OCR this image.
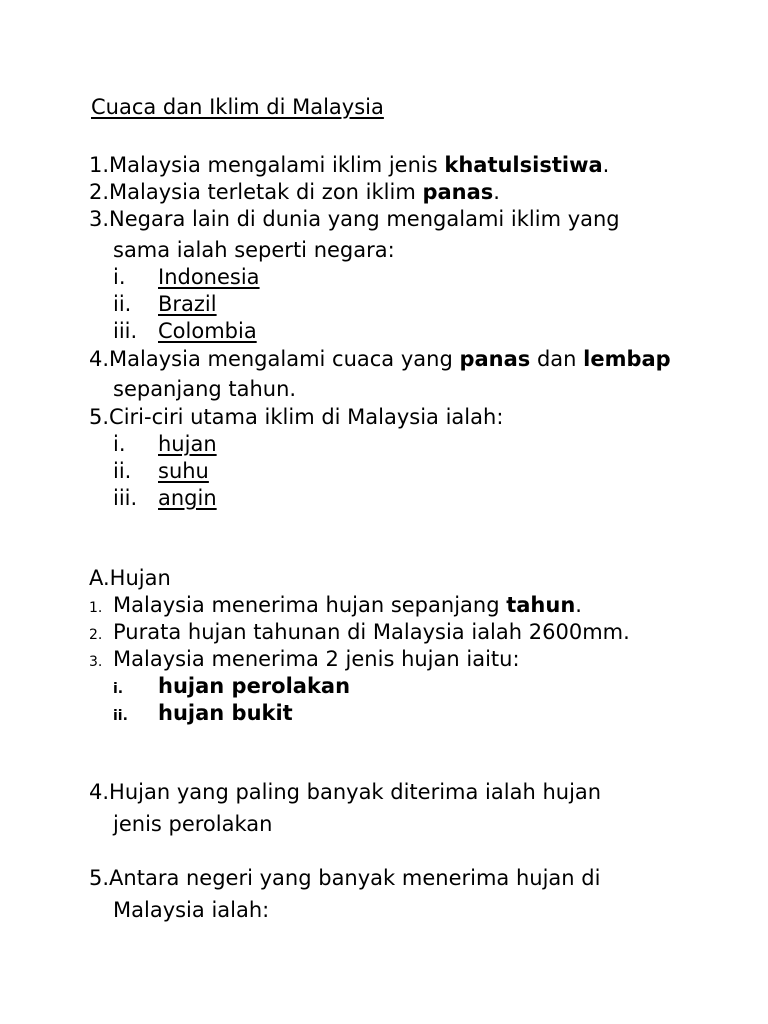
Cuaca dan Iklim di Malaysia
1.Malaysia mengalami iklim jenis khatulsistiwa.
2.Malaysia terletak di zon iklim panas.
3.Negara lain di dunia yang mengalami iklim yang
sama ialah seperti negara:
i. Indonesia
ii. Brazil
iii. Colombia
4.Malaysia mengalami cuaca yang panas dan lembap
sepanjang tahun.
5.Ciri-ciri utama iklim di Malaysia ialah:
i. hujan
ii. suhu
iii. angin
A.Hujan
1. Malaysia menerima hujan sepanjang tahun.
2. Purata hujan tahunan di Malaysia ialah 2600mm.
3. Malaysia menerima 2 jenis hujan iaitu:
i. hujan perolakan
ii. hujan bukit
4.Hujan yang paling banyak diterima ialah hujan
jenis perolakan
5.Antara negeri yang banyak menerima hujan di
Malaysia ialah:
